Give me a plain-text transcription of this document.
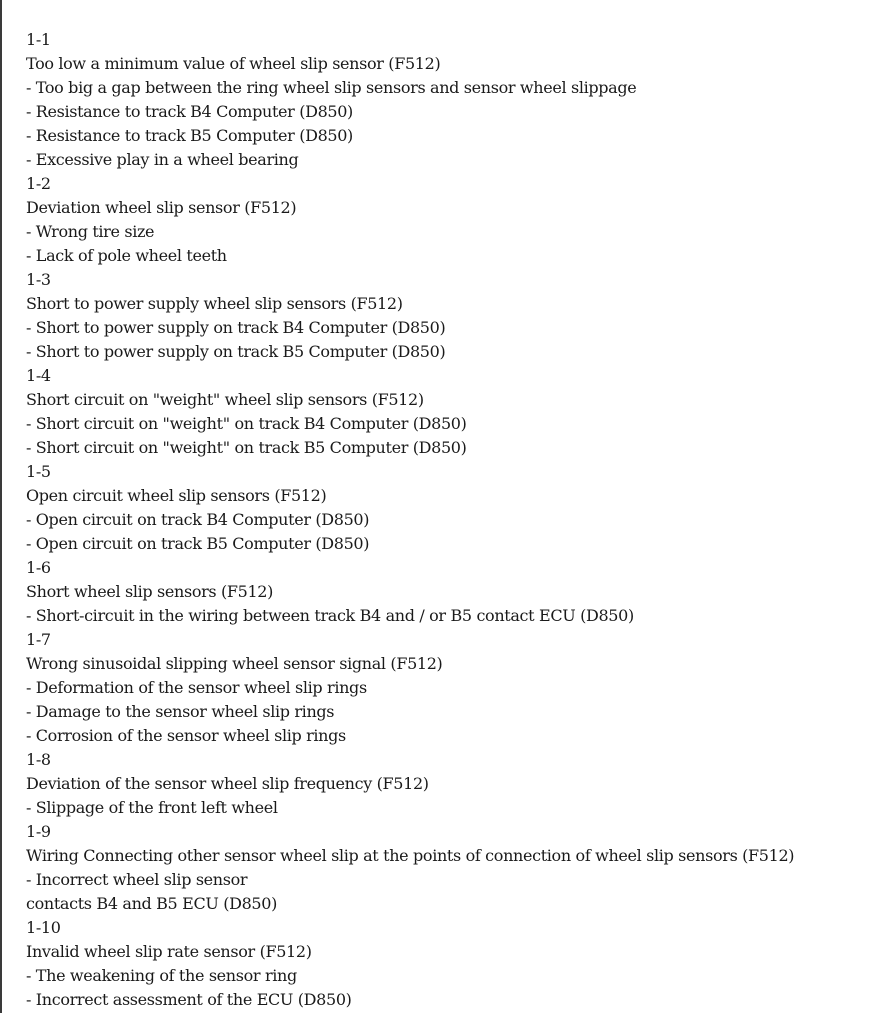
1-1
Too low a minimum value of wheel slip sensor (F512)
- Too big a gap between the ring wheel slip sensors and sensor wheel slippage
- Resistance to track B4 Computer (D850)
- Resistance to track B5 Computer (D850)
- Excessive play in a wheel bearing
1-2
Deviation wheel slip sensor (F512)
- Wrong tire size
- Lack of pole wheel teeth
1-3
Short to power supply wheel slip sensors (F512)
- Short to power supply on track B4 Computer (D850)
- Short to power supply on track B5 Computer (D850)
1-4
Short circuit on "weight" wheel slip sensors (F512)
- Short circuit on "weight" on track B4 Computer (D850)
- Short circuit on "weight" on track B5 Computer (D850)
1-5
Open circuit wheel slip sensors (F512)
- Open circuit on track B4 Computer (D850)
- Open circuit on track B5 Computer (D850)
1-6
Short wheel slip sensors (F512)
- Short-circuit in the wiring between track B4 and / or B5 contact ECU (D850)
1-7
Wrong sinusoidal slipping wheel sensor signal (F512)
- Deformation of the sensor wheel slip rings
- Damage to the sensor wheel slip rings
- Corrosion of the sensor wheel slip rings
1-8
Deviation of the sensor wheel slip frequency (F512)
- Slippage of the front left wheel
1-9
Wiring Connecting other sensor wheel slip at the points of connection of wheel slip sensors (F512)
- Incorrect wheel slip sensor
contacts B4 and B5 ECU (D850)
1-10
Invalid wheel slip rate sensor (F512)
- The weakening of the sensor ring
- Incorrect assessment of the ECU (D850)
